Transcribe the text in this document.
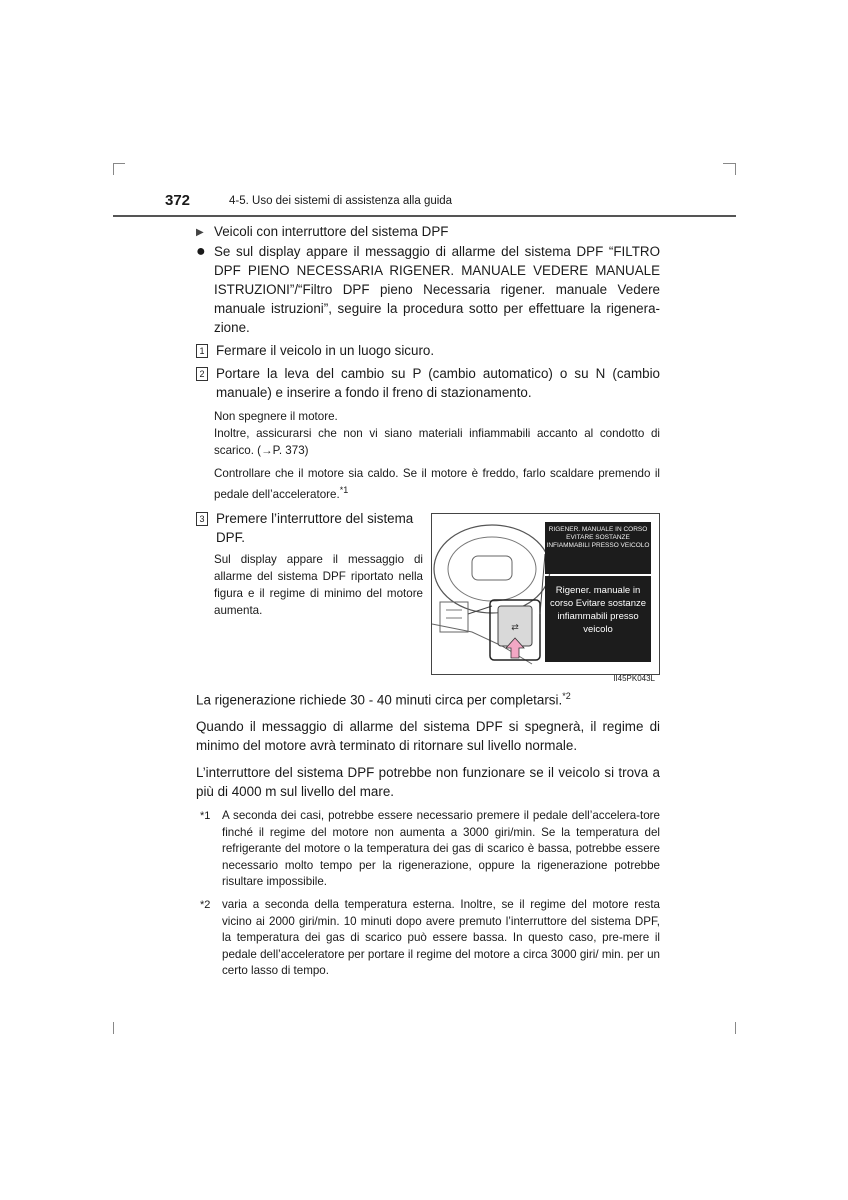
372	4-5. Uso dei sistemi di assistenza alla guida
▶ Veicoli con interruttore del sistema DPF
● Se sul display appare il messaggio di allarme del sistema DPF “FILTRO DPF PIENO NECESSARIA RIGENER. MANUALE VEDERE MANUALE ISTRUZIONI”/“Filtro DPF pieno Necessaria rigener. manuale Vedere manuale istruzioni”, seguire la procedura sotto per effettuare la rigenera-zione.
1 Fermare il veicolo in un luogo sicuro.
2 Portare la leva del cambio su P (cambio automatico) o su N (cambio manuale) e inserire a fondo il freno di stazionamento.
Non spegnere il motore.
Inoltre, assicurarsi che non vi siano materiali infiammabili accanto al condotto di scarico. (→P. 373)
Controllare che il motore sia caldo. Se il motore è freddo, farlo scaldare premendo il pedale dell’acceleratore.$^{*1}$
3 Premere l’interruttore del sistema DPF.
Sul display appare il messaggio di allarme del sistema DPF riportato nella figura e il regime di minimo del motore aumenta.
⇄
RIGENER. MANUALE IN CORSO EVITARE SOSTANZE INFIAMMABILI PRESSO VEICOLO
Rigener. manuale in corso Evitare sostanze infiammabili presso veicolo
II45PK043L
La rigenerazione richiede 30 - 40 minuti circa per completarsi.$^{*2}$
Quando il messaggio di allarme del sistema DPF si spegnerà, il regime di minimo del motore avrà terminato di ritornare sul livello normale.
L’interruttore del sistema DPF potrebbe non funzionare se il veicolo si trova a più di 4000 m sul livello del mare.
*1 A seconda dei casi, potrebbe essere necessario premere il pedale dell’accelera-tore finché il regime del motore non aumenta a 3000 giri/min. Se la temperatura del refrigerante del motore o la temperatura dei gas di scarico è bassa, potrebbe essere necessario molto tempo per la rigenerazione, oppure la rigenerazione potrebbe risultare impossibile.
*2 varia a seconda della temperatura esterna. Inoltre, se il regime del motore resta vicino ai 2000 giri/min. 10 minuti dopo avere premuto l’interruttore del sistema DPF, la temperatura dei gas di scarico può essere bassa. In questo caso, pre-mere il pedale dell’acceleratore per portare il regime del motore a circa 3000 giri/ min. per un certo lasso di tempo.
